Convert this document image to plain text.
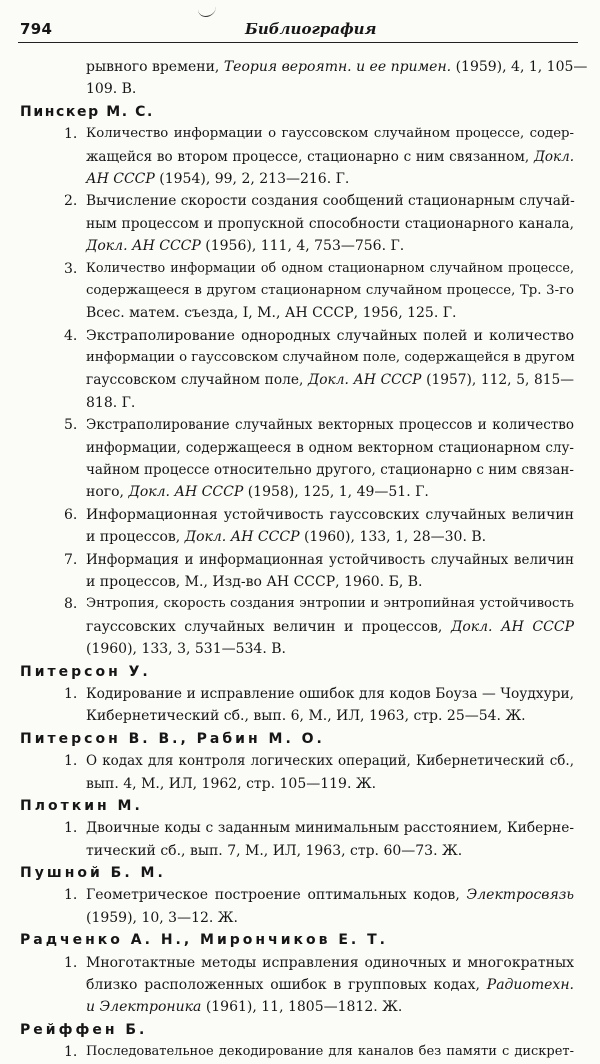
794	Библиография
рывного времени, Теория вероятн. и ее примен. (1959), 4, 1, 105—
109. В.
Пинскер М. С.
1. Количество информации о гауссовском случайном процессе, содер-
жащейся во втором процессе, стационарно с ним связанном, Докл.
АН СССР (1954), 99, 2, 213—216. Г.
2. Вычисление скорости создания сообщений стационарным случай-
ным процессом и пропускной способности стационарного канала,
Докл. АН СССР (1956), 111, 4, 753—756. Г.
3. Количество информации об одном стационарном случайном процессе,
содержащееся в другом стационарном случайном процессе, Тр. 3-го
Всес. матем. съезда, I, М., АН СССР, 1956, 125. Г.
4. Экстраполирование однородных случайных полей и количество
информации о гауссовском случайном поле, содержащейся в другом
гауссовском случайном поле, Докл. АН СССР (1957), 112, 5, 815—
818. Г.
5. Экстраполирование случайных векторных процессов и количество
информации, содержащееся в одном векторном стационарном слу-
чайном процессе относительно другого, стационарно с ним связан-
ного, Докл. АН СССР (1958), 125, 1, 49—51. Г.
6. Информационная устойчивость гауссовских случайных величин
и процессов, Докл. АН СССР (1960), 133, 1, 28—30. В.
7. Информация и информационная устойчивость случайных величин
и процессов, М., Изд-во АН СССР, 1960. Б, В.
8. Энтропия, скорость создания энтропии и энтропийная устойчивость
гауссовских случайных величин и процессов, Докл. АН СССР
(1960), 133, 3, 531—534. В.
Питерсон У.
1. Кодирование и исправление ошибок для кодов Боуза — Чоудхури,
Кибернетический сб., вып. 6, М., ИЛ, 1963, стр. 25—54. Ж.
Питерсон В. В., Рабин М. О.
1. О кодах для контроля логических операций, Кибернетический сб.,
вып. 4, М., ИЛ, 1962, стр. 105—119. Ж.
Плоткин М.
1. Двоичные коды с заданным минимальным расстоянием, Киберне-
тический сб., вып. 7, М., ИЛ, 1963, стр. 60—73. Ж.
Пушной Б. М.
1. Геометрическое построение оптимальных кодов, Электросвязь
(1959), 10, 3—12. Ж.
Радченко А. Н., Мирончиков Е. Т.
1. Многотактные методы исправления одиночных и многократных
близко расположенных ошибок в групповых кодах, Радиотехн.
и Электроника (1961), 11, 1805—1812. Ж.
Рейффен Б.
1. Последовательное декодирование для каналов без памяти с дискрет-
